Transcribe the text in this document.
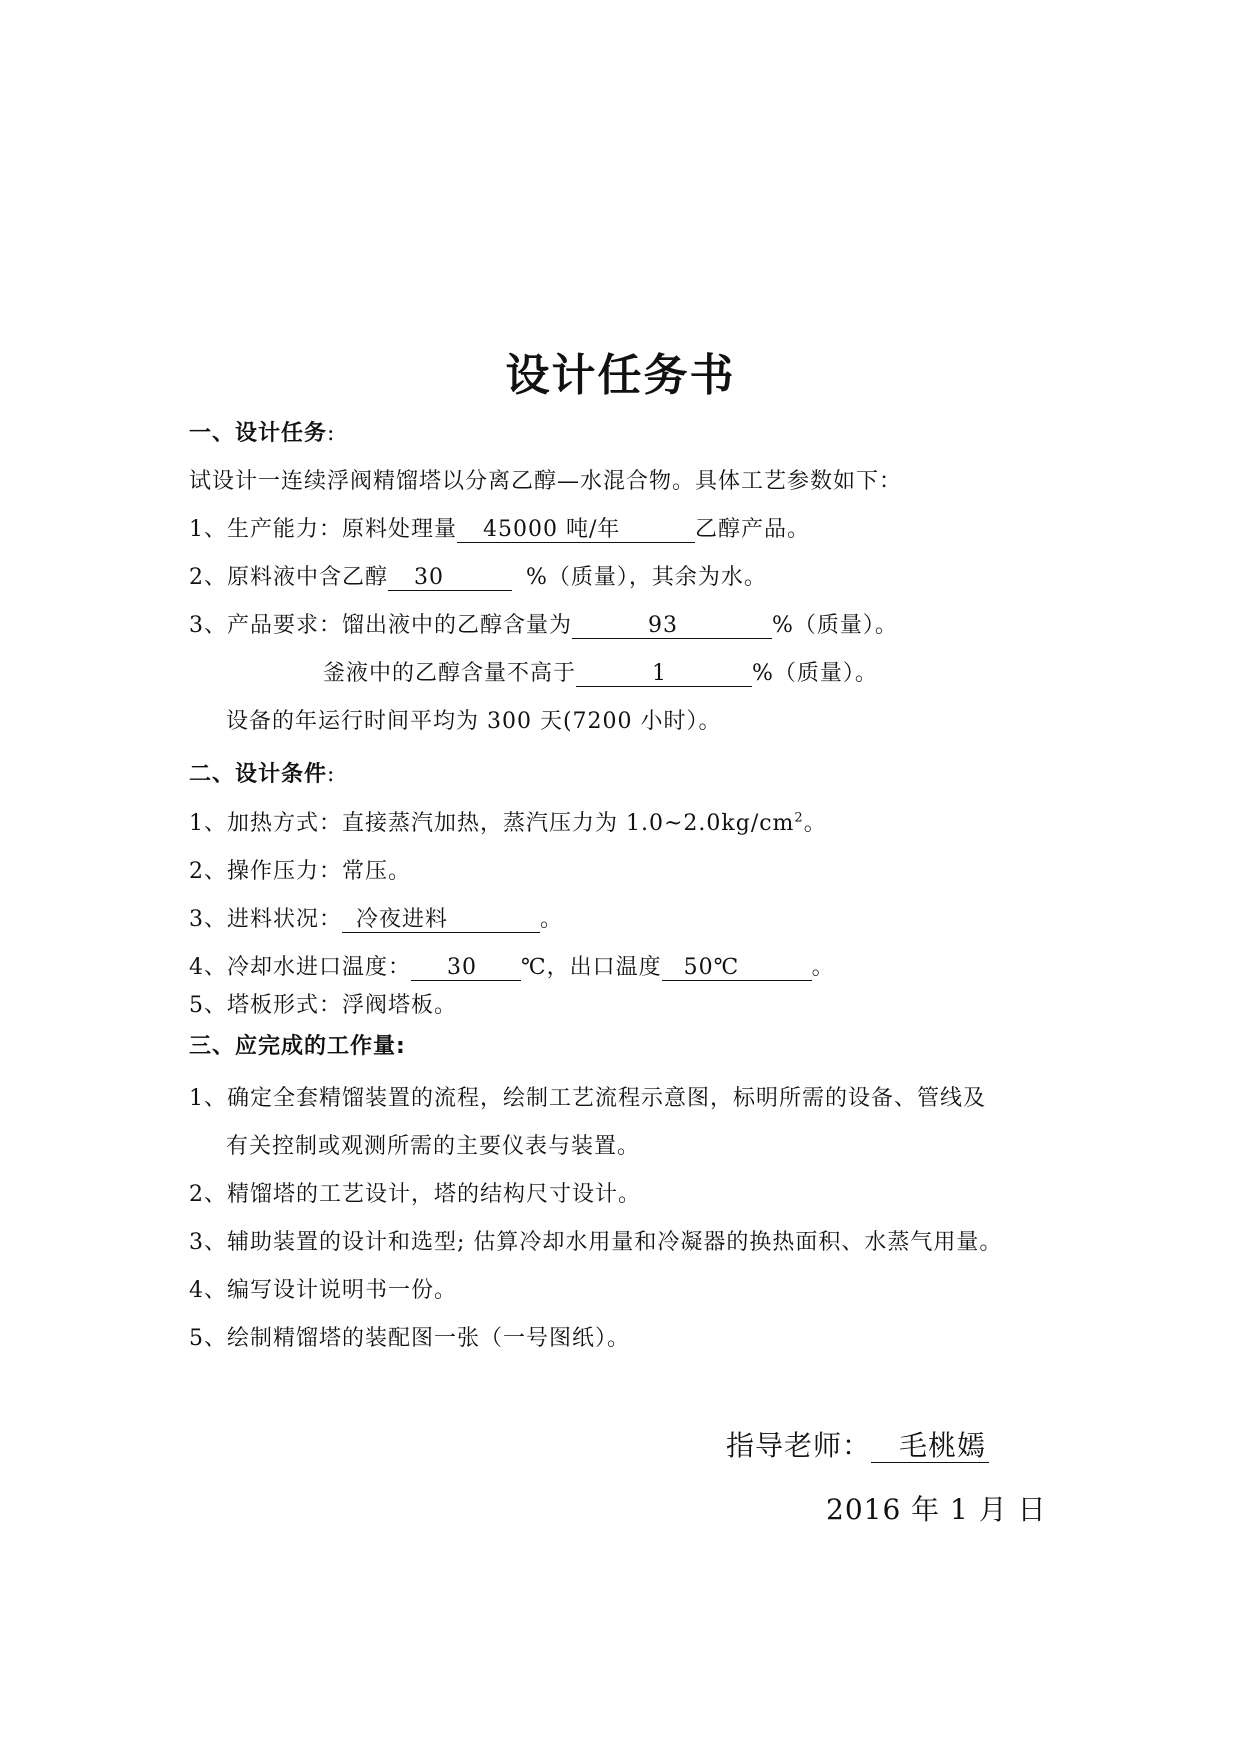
设计任务书
一、设计任务:
试设计一连续浮阀精馏塔以分离乙醇—水混合物。具体工艺参数如下：
1、生产能力：原料处理量 45000 吨/年	乙醇产品。
2、原料液中含乙醇 30	%（质量），其余为水。
3、产品要求：馏出液中的乙醇含量为	93	%（质量）。
釜液中的乙醇含量不高于	1	%（质量）。
设备的年运行时间平均为 300 天(7200 小时）。
二、设计条件:
1、加热方式：直接蒸汽加热，蒸汽压力为 $1.0\sim 2.0kg/cm^2$。
2、操作压力：常压。
3、进料状况： 冷夜进料	。
4、冷却水进口温度： 30 ℃，出口温度 50℃	。
5、塔板形式：浮阀塔板。
三、应完成的工作量:
1、确定全套精馏装置的流程，绘制工艺流程示意图，标明所需的设备、管线及
有关控制或观测所需的主要仪表与装置。
2、精馏塔的工艺设计，塔的结构尺寸设计。
3、辅助装置的设计和选型; 估算冷却水用量和冷凝器的换热面积、水蒸气用量。
4、编写设计说明书一份。
5、绘制精馏塔的装配图一张（一号图纸）。
指导老师： 毛桃嫣
2016 年 1 月 日
